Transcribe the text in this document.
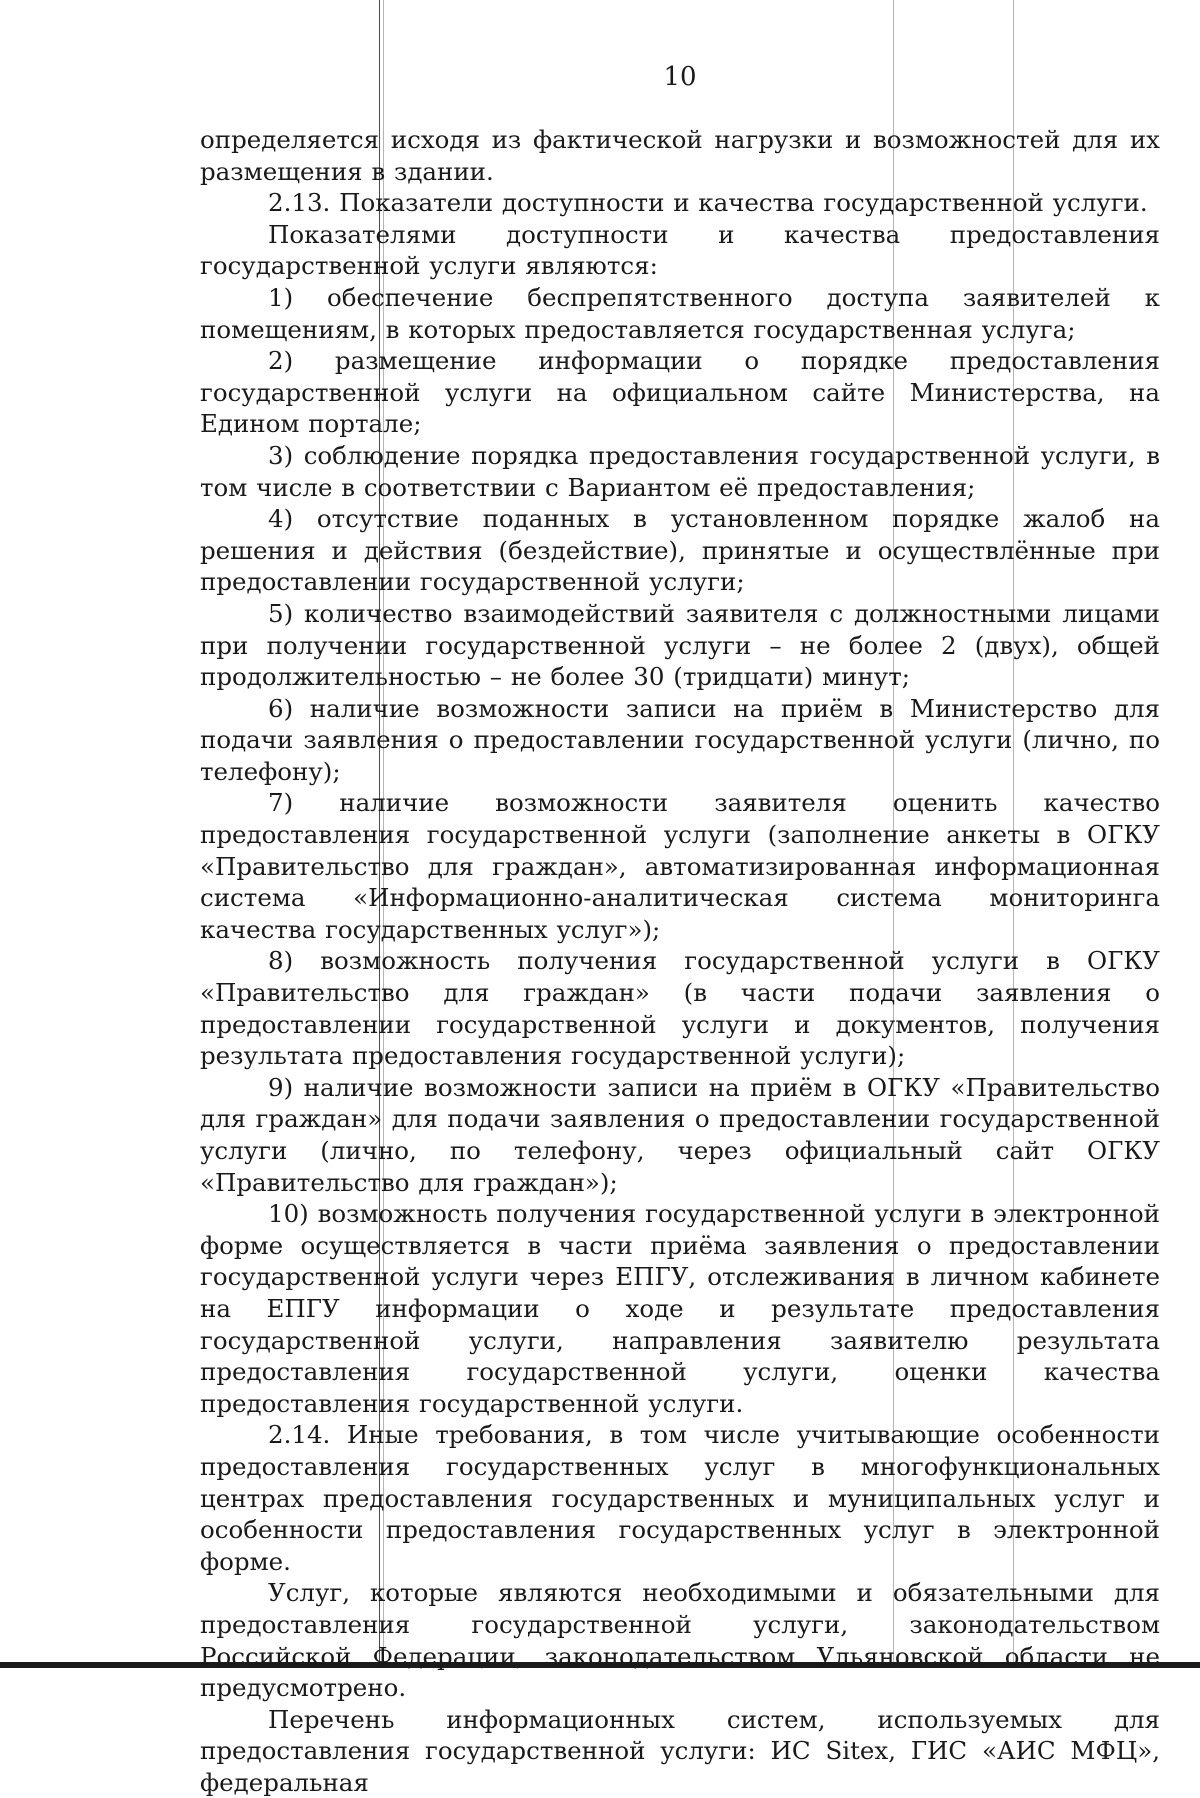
10

определяется исходя из фактической нагрузки и возможностей для их размещения в здании.

2.13. Показатели доступности и качества государственной услуги.

Показателями доступности и качества предоставления государственной услуги являются:

1) обеспечение беспрепятственного доступа заявителей к помещениям, в которых предоставляется государственная услуга;

2) размещение информации о порядке предоставления государственной услуги на официальном сайте Министерства, на Едином портале;

3) соблюдение порядка предоставления государственной услуги, в том числе в соответствии с Вариантом её предоставления;

4) отсутствие поданных в установленном порядке жалоб на решения и действия (бездействие), принятые и осуществлённые при предоставлении государственной услуги;

5) количество взаимодействий заявителя с должностными лицами при получении государственной услуги – не более 2 (двух), общей продолжительностью – не более 30 (тридцати) минут;

6) наличие возможности записи на приём в Министерство для подачи заявления о предоставлении государственной услуги (лично, по телефону);

7) наличие возможности заявителя оценить качество предоставления государственной услуги (заполнение анкеты в ОГКУ «Правительство для граждан», автоматизированная информационная система «Информационно-аналитическая система мониторинга качества государственных услуг»);

8) возможность получения государственной услуги в ОГКУ «Правительство для граждан» (в части подачи заявления о предоставлении государственной услуги и документов, получения результата предоставления государственной услуги);

9) наличие возможности записи на приём в ОГКУ «Правительство для граждан» для подачи заявления о предоставлении государственной услуги (лично, по телефону, через официальный сайт ОГКУ «Правительство для граждан»);

10) возможность получения государственной услуги в электронной форме осуществляется в части приёма заявления о предоставлении государственной услуги через ЕПГУ, отслеживания в личном кабинете на ЕПГУ информации о ходе и результате предоставления государственной услуги, направления заявителю результата предоставления государственной услуги, оценки качества предоставления государственной услуги.

2.14. Иные требования, в том числе учитывающие особенности предоставления государственных услуг в многофункциональных центрах предоставления государственных и муниципальных услуг и особенности предоставления государственных услуг в электронной форме.

Услуг, которые являются необходимыми и обязательными для предоставления государственной услуги, законодательством Российской Федерации, законодательством Ульяновской области не предусмотрено.

Перечень информационных систем, используемых для предоставления государственной услуги: ИС Sitex, ГИС «АИС МФЦ», федеральная
